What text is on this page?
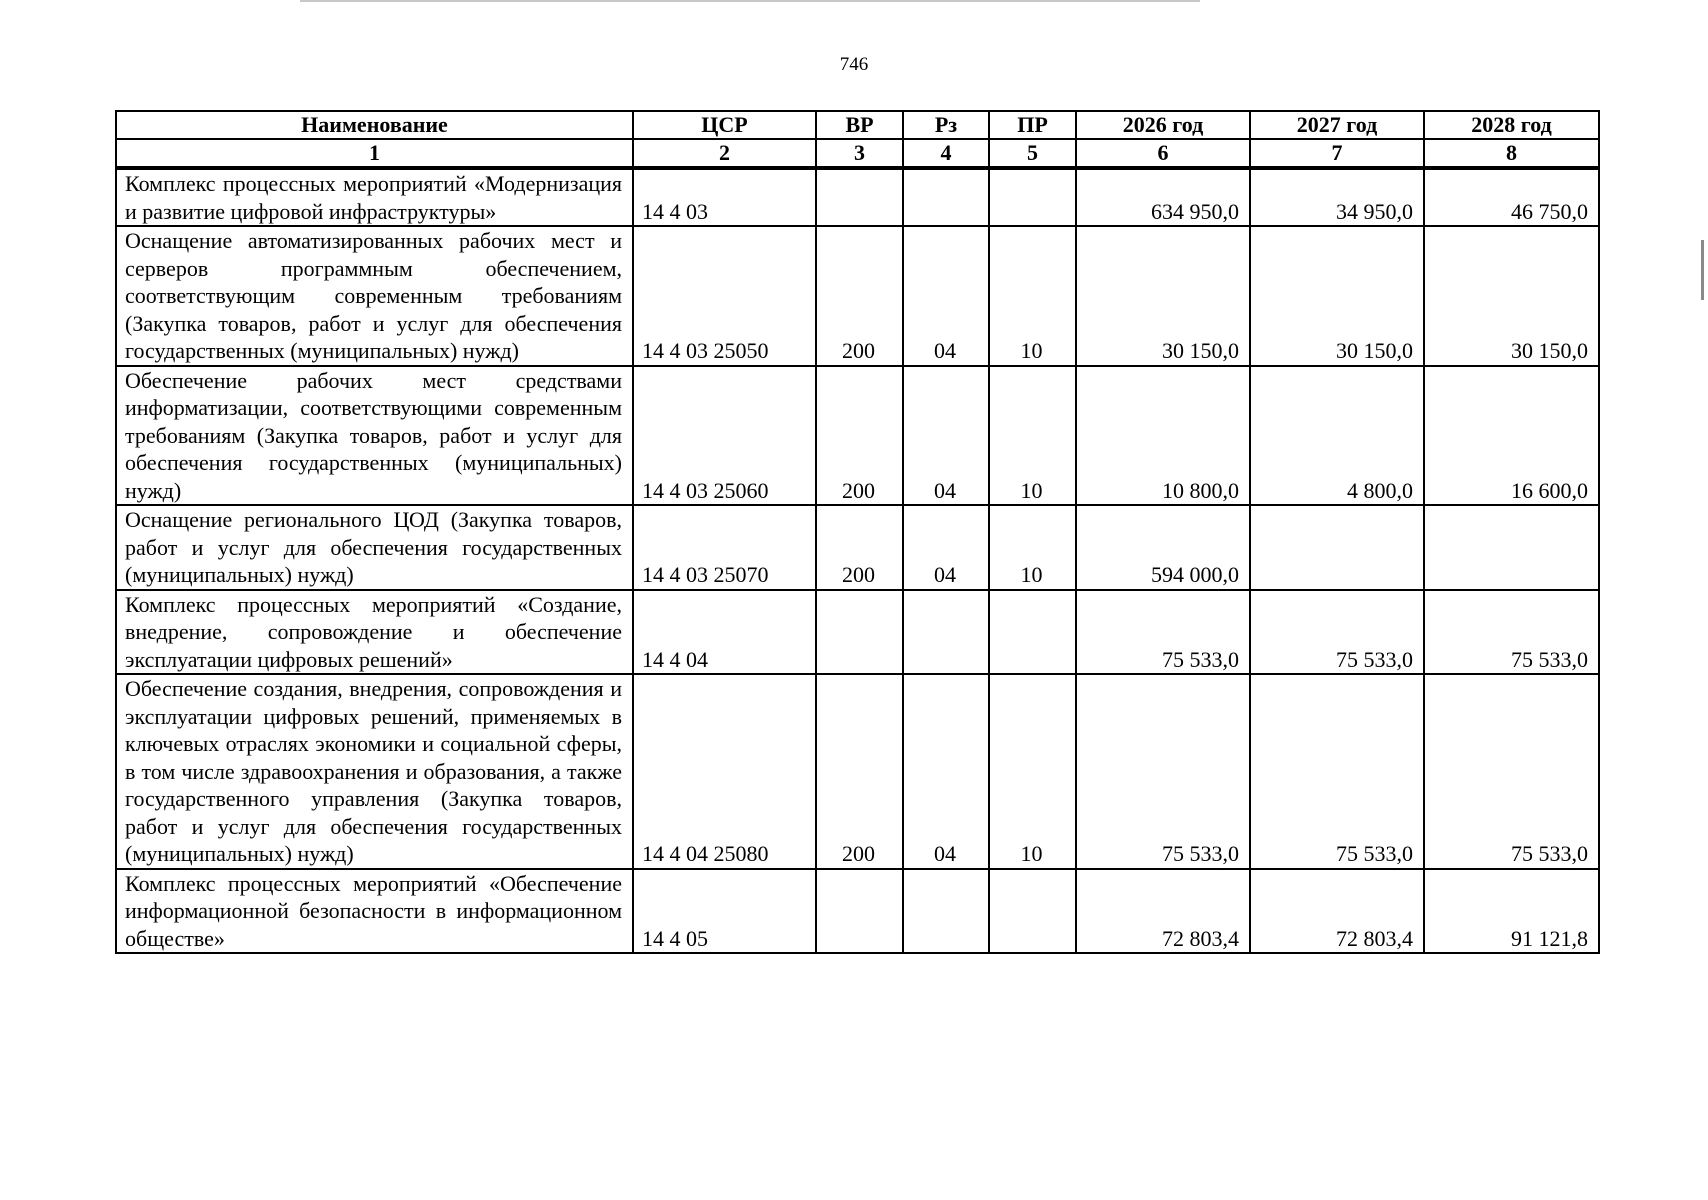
746
Наименование	ЦСР	ВР	Рз	ПР	2026 год	2027 год	2028 год
1	2	3	4	5	6	7	8
Комплекс процессных мероприятий «Модернизация и развитие цифровой инфраструктуры»	14 4 03				634 950,0	34 950,0	46 750,0
Оснащение автоматизированных рабочих мест и серверов программным обеспечением, соответствующим современным требованиям (Закупка товаров, работ и услуг для обеспечения государственных (муниципальных) нужд)	14 4 03 25050	200	04	10	30 150,0	30 150,0	30 150,0
Обеспечение рабочих мест средствами информатизации, соответствующими современным требованиям (Закупка товаров, работ и услуг для обеспечения государственных (муниципальных) нужд)	14 4 03 25060	200	04	10	10 800,0	4 800,0	16 600,0
Оснащение регионального ЦОД (Закупка товаров, работ и услуг для обеспечения государственных (муниципальных) нужд)	14 4 03 25070	200	04	10	594 000,0		
Комплекс процессных мероприятий «Создание, внедрение, сопровождение и обеспечение эксплуатации цифровых решений»	14 4 04				75 533,0	75 533,0	75 533,0
Обеспечение создания, внедрения, сопровождения и эксплуатации цифровых решений, применяемых в ключевых отраслях экономики и социальной сферы, в том числе здравоохранения и образования, а также государственного управления (Закупка товаров, работ и услуг для обеспечения государственных (муниципальных) нужд)	14 4 04 25080	200	04	10	75 533,0	75 533,0	75 533,0
Комплекс процессных мероприятий «Обеспечение информационной безопасности в информационном обществе»	14 4 05				72 803,4	72 803,4	91 121,8
